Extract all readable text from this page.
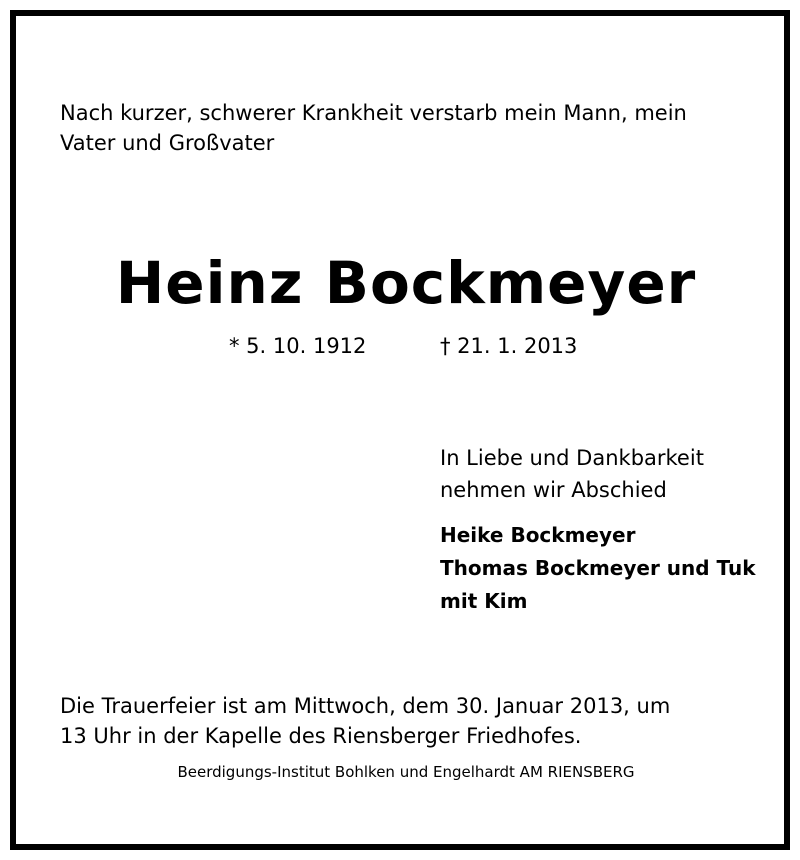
Nach kurzer, schwerer Krankheit verstarb mein Mann, mein
Vater und Großvater
Heinz Bockmeyer
* 5. 10. 1912	† 21. 1. 2013
In Liebe und Dankbarkeit
nehmen wir Abschied
Heike Bockmeyer
Thomas Bockmeyer und Tuk
mit Kim
Die Trauerfeier ist am Mittwoch, dem 30. Januar 2013, um
13 Uhr in der Kapelle des Riensberger Friedhofes.
Beerdigungs-Institut Bohlken und Engelhardt AM RIENSBERG
